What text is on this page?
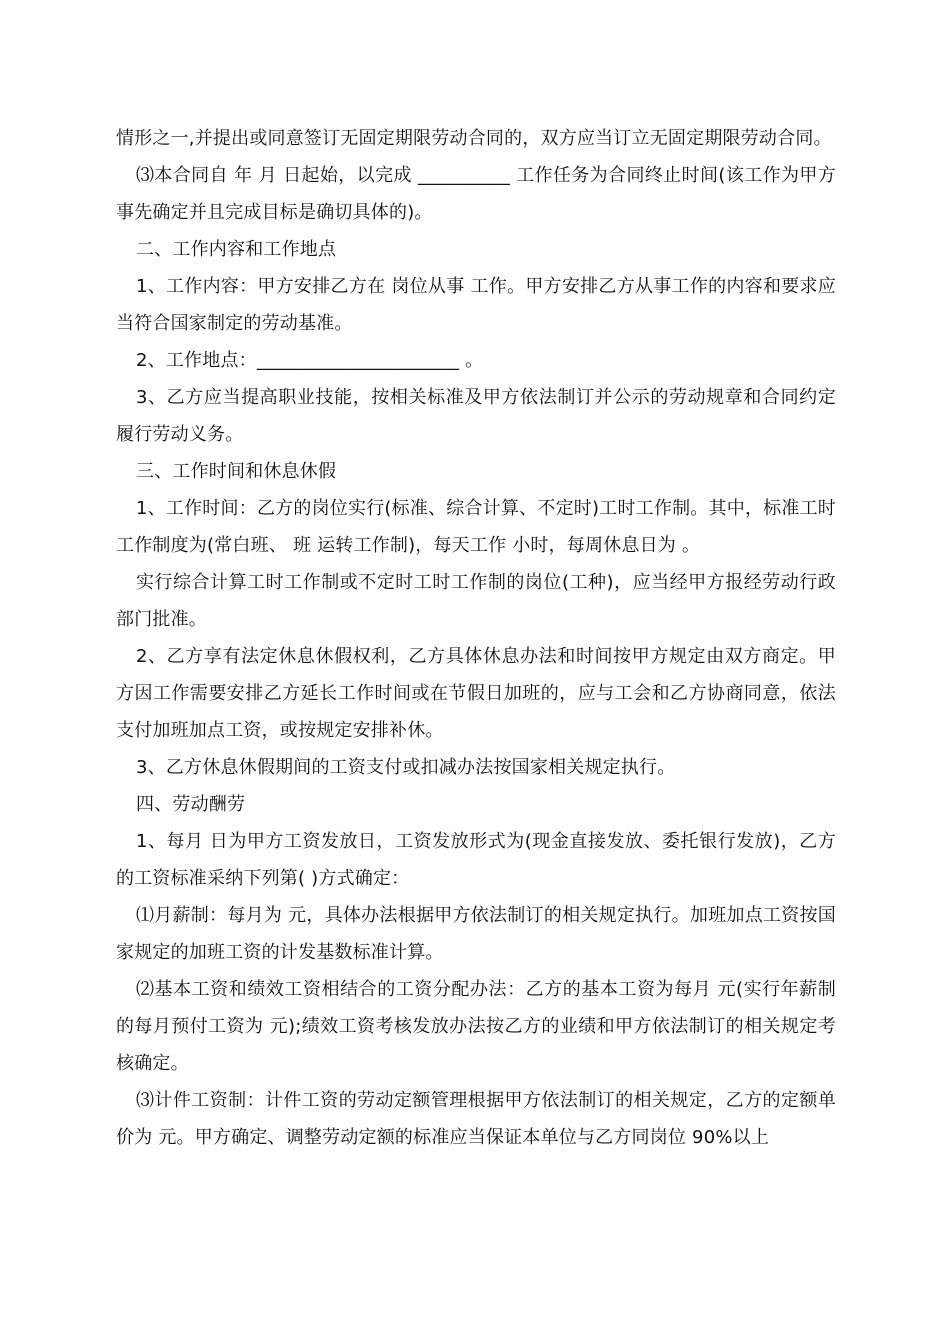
情形之一,并提出或同意签订无固定期限劳动合同的，双方应当订立无固定期限劳动合同。

⑶本合同自 年 月 日起始，以完成 __________ 工作任务为合同终止时间(该工作为甲方事先确定并且完成目标是确切具体的)。

二、工作内容和工作地点

1、工作内容：甲方安排乙方在 岗位从事 工作。甲方安排乙方从事工作的内容和要求应当符合国家制定的劳动基准。

2、工作地点：______________________ 。

3、乙方应当提高职业技能，按相关标准及甲方依法制订并公示的劳动规章和合同约定履行劳动义务。

三、工作时间和休息休假

1、工作时间：乙方的岗位实行(标准、综合计算、不定时)工时工作制。其中，标准工时工作制度为(常白班、 班 运转工作制)，每天工作 小时，每周休息日为 。

实行综合计算工时工作制或不定时工时工作制的岗位(工种)，应当经甲方报经劳动行政部门批准。

2、乙方享有法定休息休假权利，乙方具体休息办法和时间按甲方规定由双方商定。甲方因工作需要安排乙方延长工作时间或在节假日加班的，应与工会和乙方协商同意，依法支付加班加点工资，或按规定安排补休。

3、乙方休息休假期间的工资支付或扣减办法按国家相关规定执行。

四、劳动酬劳

1、每月 日为甲方工资发放日，工资发放形式为(现金直接发放、委托银行发放)，乙方的工资标准采纳下列第( )方式确定：

⑴月薪制：每月为 元，具体办法根据甲方依法制订的相关规定执行。加班加点工资按国家规定的加班工资的计发基数标准计算。

⑵基本工资和绩效工资相结合的工资分配办法：乙方的基本工资为每月 元(实行年薪制的每月预付工资为 元);绩效工资考核发放办法按乙方的业绩和甲方依法制订的相关规定考核确定。

⑶计件工资制：计件工资的劳动定额管理根据甲方依法制订的相关规定，乙方的定额单价为 元。甲方确定、调整劳动定额的标准应当保证本单位与乙方同岗位 90%以上
